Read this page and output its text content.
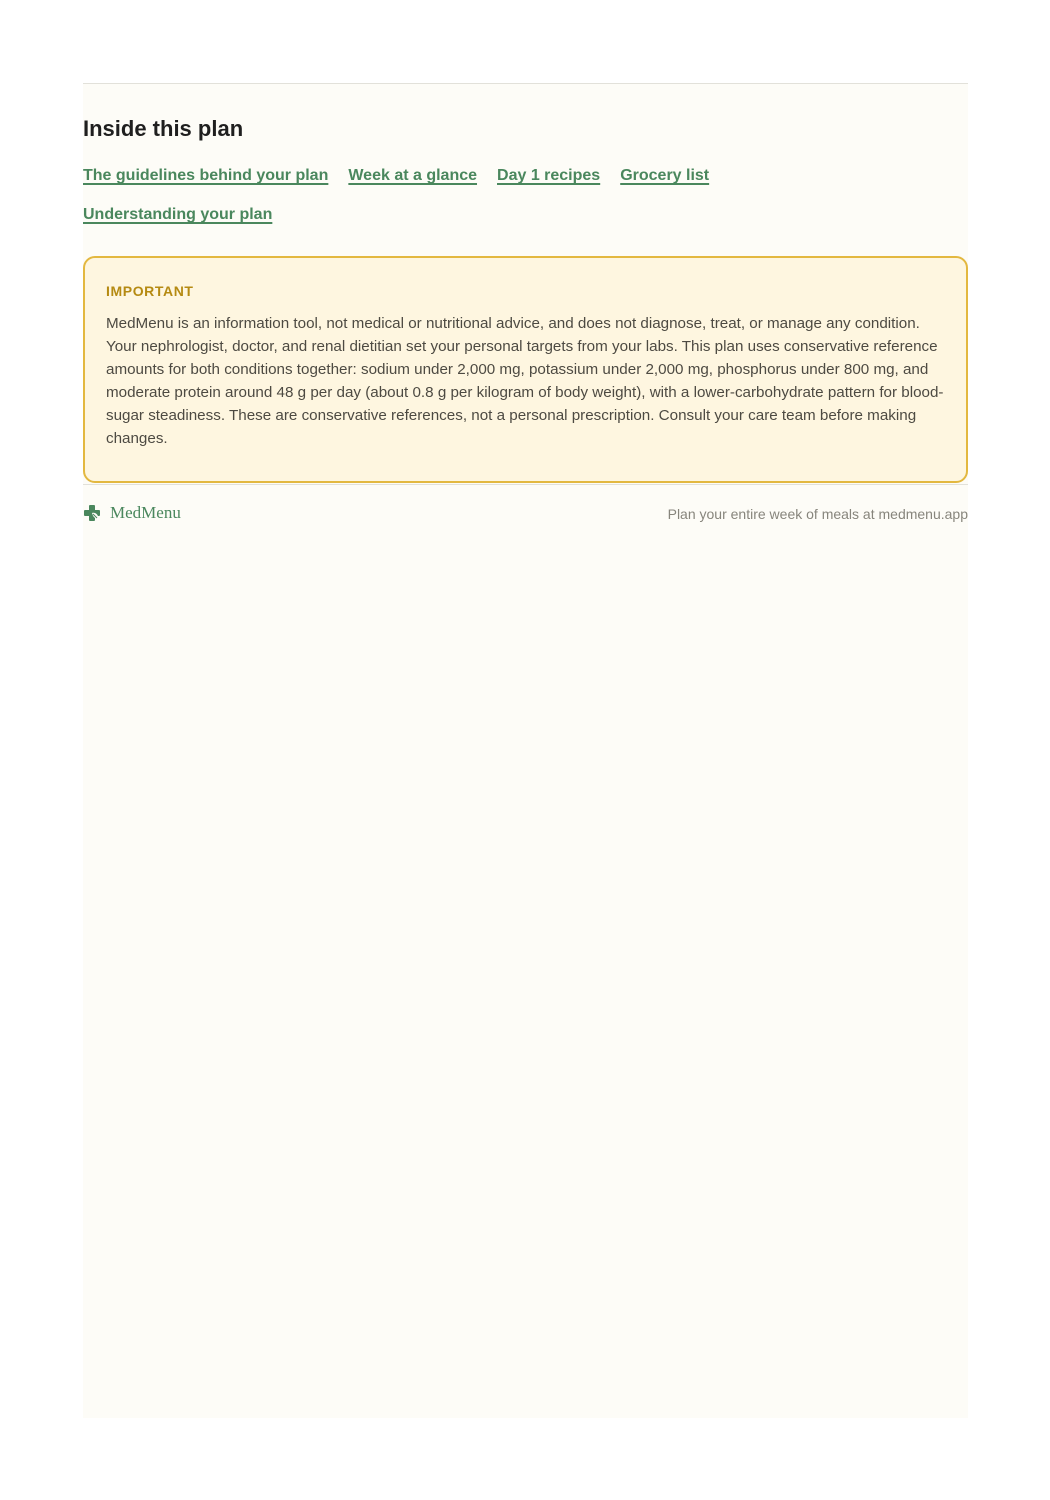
Inside this plan
The guidelines behind your plan Week at a glance Day 1 recipes Grocery list
Understanding your plan
IMPORTANT

MedMenu is an information tool, not medical or nutritional advice, and does not diagnose, treat, or manage any condition. Your nephrologist, doctor, and renal dietitian set your personal targets from your labs. This plan uses conservative reference amounts for both conditions together: sodium under 2,000 mg, potassium under 2,000 mg, phosphorus under 800 mg, and moderate protein around 48 g per day (about 0.8 g per kilogram of body weight), with a lower-carbohydrate pattern for blood-sugar steadiness. These are conservative references, not a personal prescription. Consult your care team before making changes.

MedMenu	Plan your entire week of meals at medmenu.app
